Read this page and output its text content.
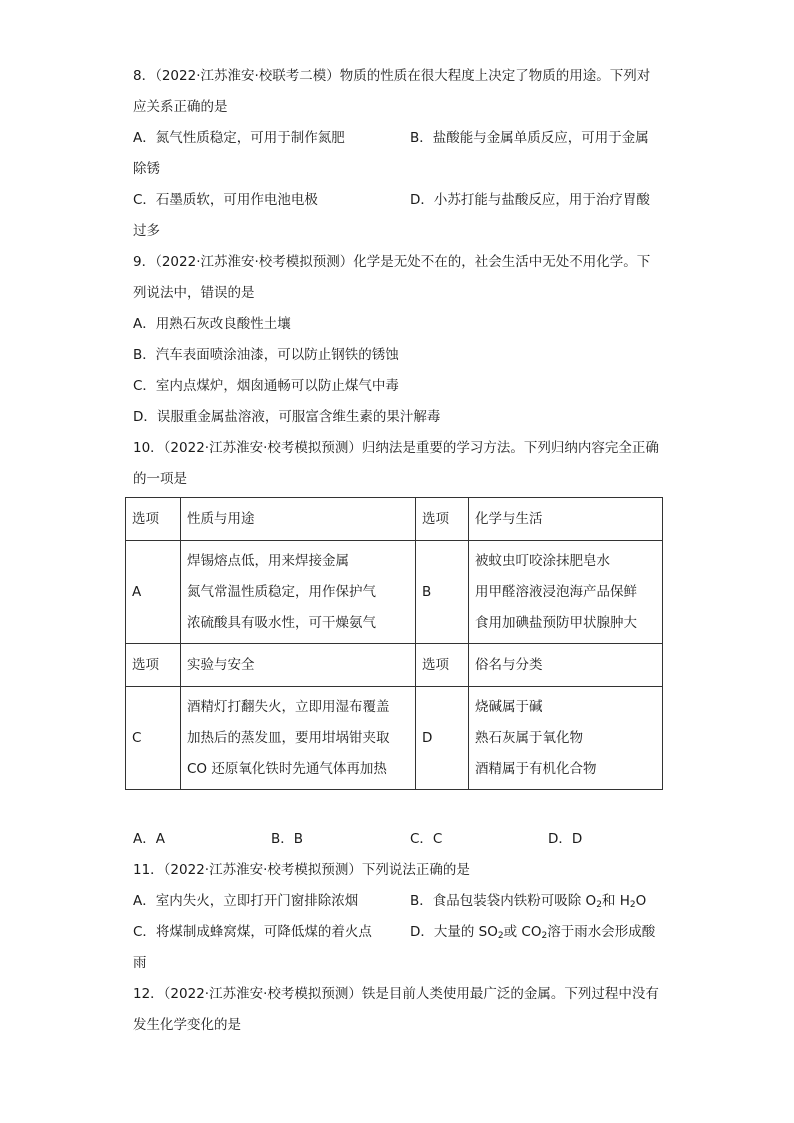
8．（2022·江苏淮安·校联考二模）物质的性质在很大程度上决定了物质的用途。下列对
应关系正确的是
A．氮气性质稳定，可用于制作氮肥	B．盐酸能与金属单质反应，可用于金属
除锈
C．石墨质软，可用作电池电极	D．小苏打能与盐酸反应，用于治疗胃酸
过多
9．（2022·江苏淮安·校考模拟预测）化学是无处不在的，社会生活中无处不用化学。下
列说法中，错误的是
A．用熟石灰改良酸性土壤
B．汽车表面喷涂油漆，可以防止钢铁的锈蚀
C．室内点煤炉，烟囱通畅可以防止煤气中毒
D．误服重金属盐溶液，可服富含维生素的果汁解毒
10．（2022·江苏淮安·校考模拟预测）归纳法是重要的学习方法。下列归纳内容完全正确
的一项是
选项	性质与用途	选项	化学与生活
A	焊锡熔点低，用来焊接金属
氮气常温性质稳定，用作保护气
浓硫酸具有吸水性，可干燥氨气	B	被蚊虫叮咬涂抹肥皂水
用甲醛溶液浸泡海产品保鲜
食用加碘盐预防甲状腺肿大

选项	实验与安全	选项	俗名与分类
C	酒精灯打翻失火，立即用湿布覆盖
加热后的蒸发皿，要用坩埚钳夹取
CO 还原氧化铁时先通气体再加热	D	烧碱属于碱
熟石灰属于氧化物
酒精属于有机化合物
A．A	B．B	C．C	D．D
11．（2022·江苏淮安·校考模拟预测）下列说法正确的是
A．室内失火，立即打开门窗排除浓烟	B．食品包装袋内铁粉可吸除 $O_2$和 $H_2O$
C．将煤制成蜂窝煤，可降低煤的着火点	D．大量的 $SO_2$或 $CO_2$溶于雨水会形成酸
雨
12．（2022·江苏淮安·校考模拟预测）铁是目前人类使用最广泛的金属。下列过程中没有
发生化学变化的是
